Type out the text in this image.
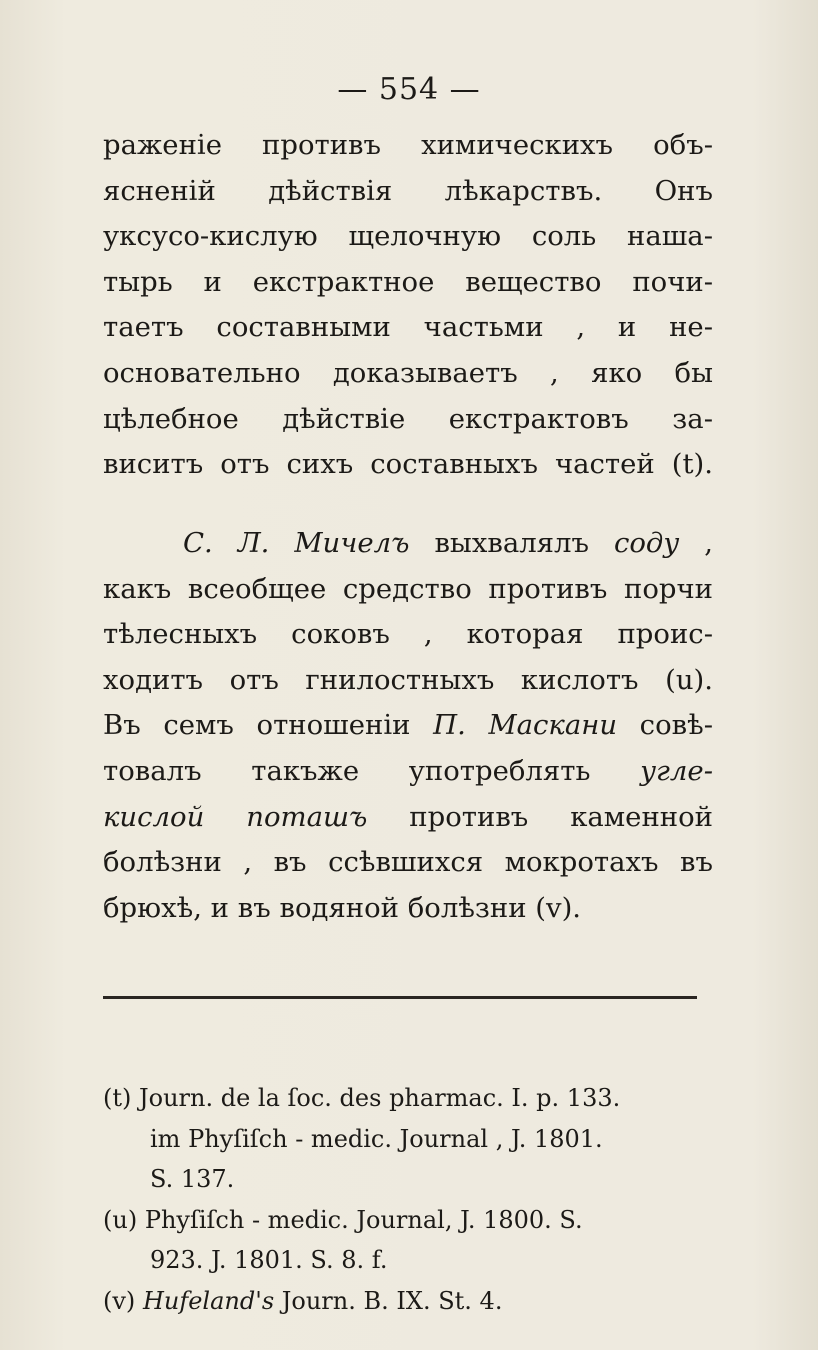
— 554 —
раженіе противъ химическихъ объ-
ясненій дѣйствія лѣкарствъ. Онъ
уксусо-кислую щелочную соль наша-
тырь и екстрактное вещество почи-
таетъ составными частьми , и не-
основательно доказываетъ , яко бы
цѣлебное дѣйствіе екстрактовъ за-
виситъ отъ сихъ составныхъ частей (t).
С. Л. Мичелъ выхвалялъ соду ,
какъ всеобщее средство противъ порчи
тѣлесныхъ соковъ , которая проис-
ходитъ отъ гнилостныхъ кислотъ (u).
Въ семъ отношеніи П. Маскани совѣ-
товалъ такъже употреблять угле-
кислой поташъ противъ каменной
болѣзни , въ ссѣвшихся мокротахъ въ
брюхѣ, и въ водяной болѣзни (v).
(t) Journ. de la ſoc. des pharmac. I. p. 133.
im Phyſiſch - medic. Journal , J. 1801.
S. 137.
(u) Phyſiſch - medic. Journal, J. 1800. S.
923. J. 1801. S. 8. f.
(v) Hufeland's Journ. B. IX. St. 4.
